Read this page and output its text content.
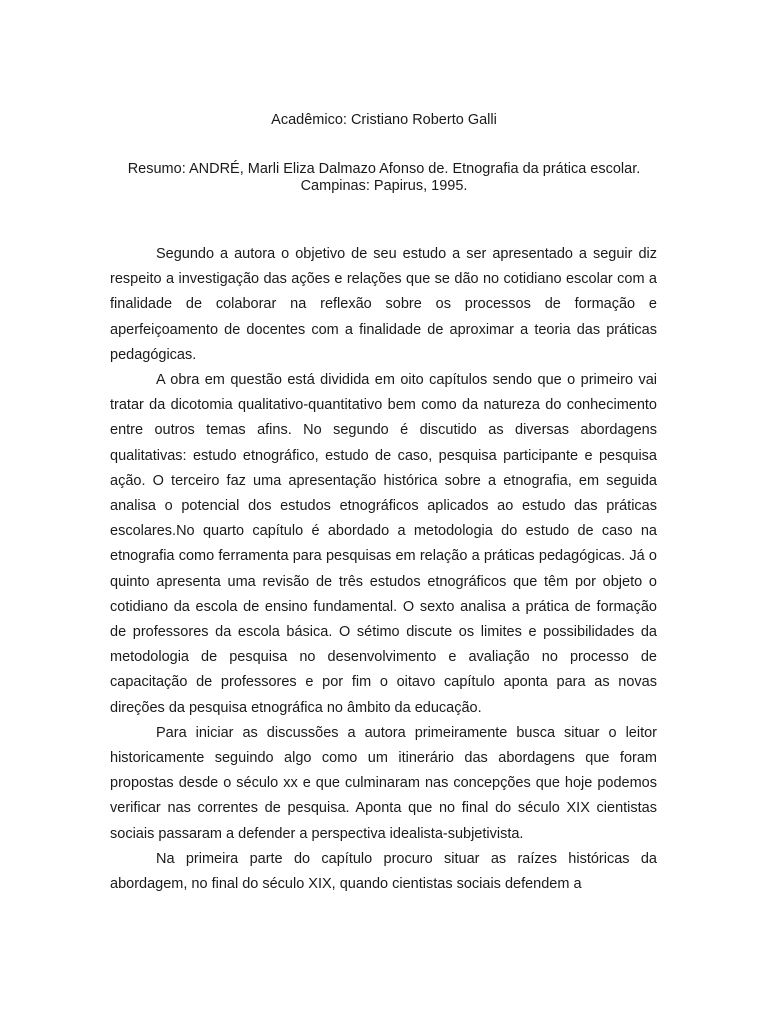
Acadêmico: Cristiano Roberto Galli

Resumo: ANDRÉ, Marli Eliza Dalmazo Afonso de. Etnografia da prática escolar. Campinas: Papirus, 1995.

Segundo a autora o objetivo de seu estudo a ser apresentado a seguir diz respeito a investigação das ações e relações que se dão no cotidiano escolar com a finalidade de colaborar na reflexão sobre os processos de formação e aperfeiçoamento de docentes com a finalidade de aproximar a teoria das práticas pedagógicas.

A obra em questão está dividida em oito capítulos sendo que o primeiro vai tratar da dicotomia qualitativo-quantitativo bem como da natureza do conhecimento entre outros temas afins. No segundo é discutido as diversas abordagens qualitativas: estudo etnográfico, estudo de caso, pesquisa participante e pesquisa ação. O terceiro faz uma apresentação histórica sobre a etnografia, em seguida analisa o potencial dos estudos etnográficos aplicados ao estudo das práticas escolares.No quarto capítulo é abordado a metodologia do estudo de caso na etnografia como ferramenta para pesquisas em relação a práticas pedagógicas. Já o quinto apresenta uma revisão de três estudos etnográficos que têm por objeto o cotidiano da escola de ensino fundamental. O sexto analisa a prática de formação de professores da escola básica. O sétimo discute os limites e possibilidades da metodologia de pesquisa no desenvolvimento e avaliação no processo de capacitação de professores e por fim o oitavo capítulo aponta para as novas direções da pesquisa etnográfica no âmbito da educação.

Para iniciar as discussões a autora primeiramente busca situar o leitor historicamente seguindo algo como um itinerário das abordagens que foram propostas desde o século xx e que culminaram nas concepções que hoje podemos verificar nas correntes de pesquisa. Aponta que no final do século XIX cientistas sociais passaram a defender a perspectiva idealista-subjetivista.

Na primeira parte do capítulo procuro situar as raízes históricas da abordagem, no final do século XIX, quando cientistas sociais defendem a
